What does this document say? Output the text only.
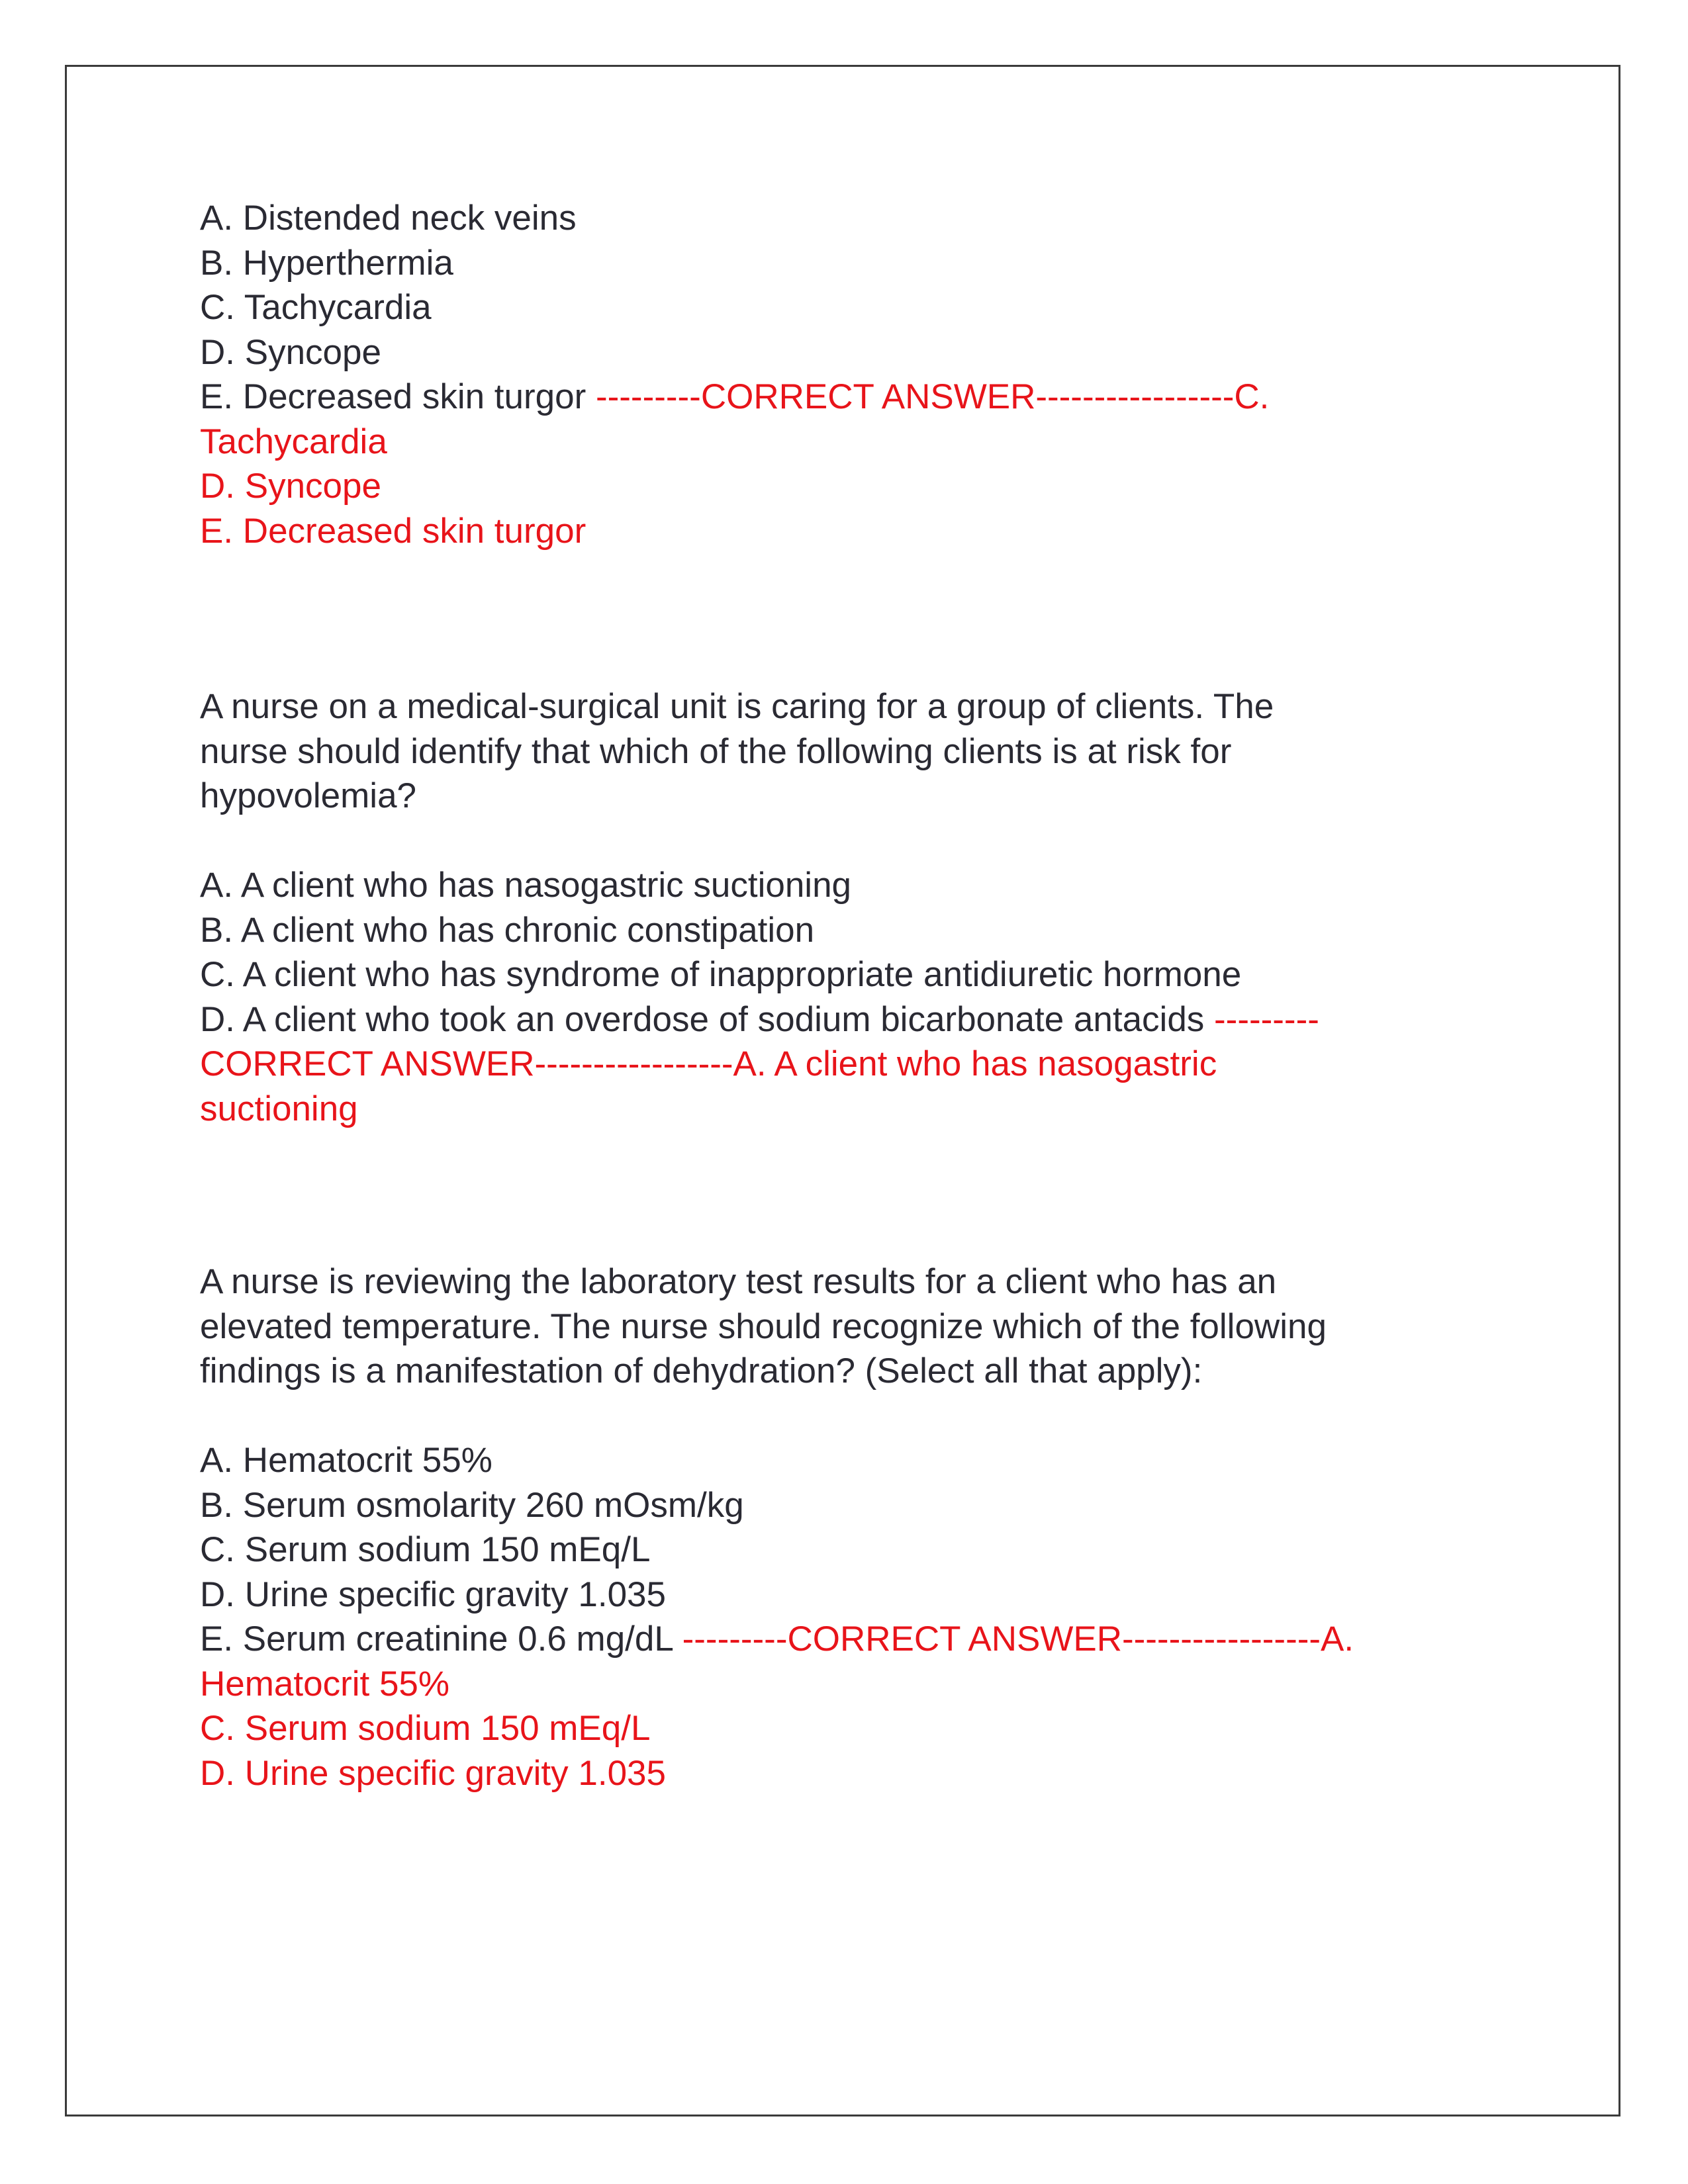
A. Distended neck veins
B. Hyperthermia
C. Tachycardia
D. Syncope
E. Decreased skin turgor ---------CORRECT ANSWER-----------------C.
Tachycardia
D. Syncope
E. Decreased skin turgor
A nurse on a medical-surgical unit is caring for a group of clients. The
nurse should identify that which of the following clients is at risk for
hypovolemia?
A. A client who has nasogastric suctioning
B. A client who has chronic constipation
C. A client who has syndrome of inappropriate antidiuretic hormone
D. A client who took an overdose of sodium bicarbonate antacids ---------
CORRECT ANSWER-----------------A. A client who has nasogastric
suctioning
A nurse is reviewing the laboratory test results for a client who has an
elevated temperature. The nurse should recognize which of the following
findings is a manifestation of dehydration? (Select all that apply):
A. Hematocrit 55%
B. Serum osmolarity 260 mOsm/kg
C. Serum sodium 150 mEq/L
D. Urine specific gravity 1.035
E. Serum creatinine 0.6 mg/dL ---------CORRECT ANSWER-----------------A.
Hematocrit 55%
C. Serum sodium 150 mEq/L
D. Urine specific gravity 1.035
